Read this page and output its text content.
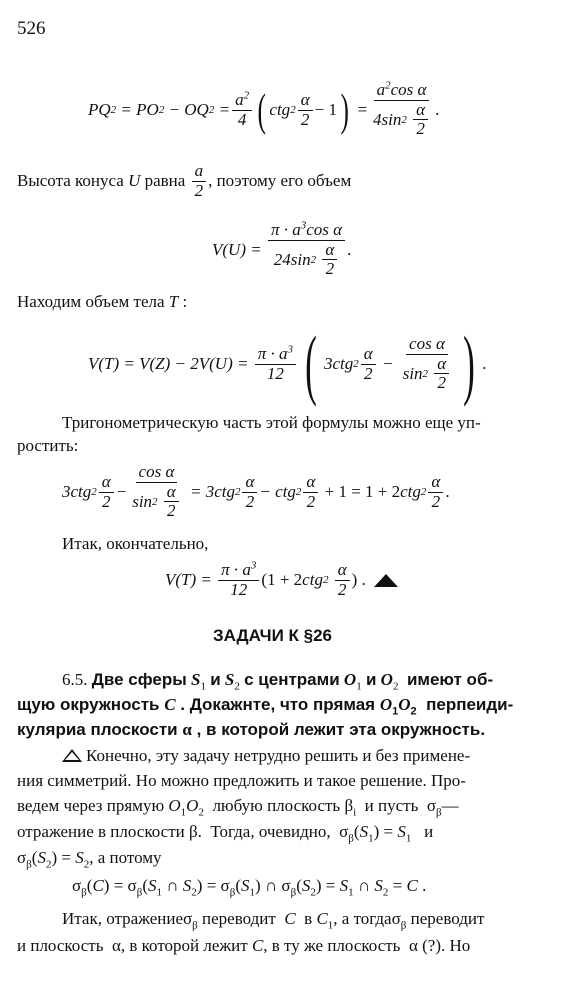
526
PQ 2 = PO 2 − OQ $2 = \frac{a^2}{4}$ ( ctg $2 \frac{\alpha}{2} - 1$ ) = $a^2\cos$ α
4sin 2
$\frac{\alpha}{2}$ .
Высота конуса U равна $\frac{a}{2}$ , поэтому его объем
$V(U) = \pi \cdot a^3\cos$ α
24sin 2
$\frac{\alpha}{2}$ .
Находим объем тела T :
$V(T) = V(Z) - 2V(U) = \frac{\pi \cdot a^3}{12}$ ( 3ctg $2 \frac{\alpha}{2} - \cos \alpha$
sin 2
$\frac{\alpha}{2}$ ) .
Тригонометрическую часть этой формулы можно еще уп-
ростить:
3ctg $2 \frac{\alpha}{2} - \cos \alpha$
sin 2
$\frac{\alpha}{2} = 3ctg$ $2 \frac{\alpha}{2}$ − ctg $2 \frac{\alpha}{2} + 1 = 1 + 2$ ctg $2 \frac{\alpha}{2}$ .
Итак, окончательно,
$V(T) = \frac{\pi \cdot a^3}{12} (1 + 2$ ctg 2
$\frac{\alpha}{2}$ ) .

ЗАДАЧИ К §26
6.5. Две сферы $S_1$ и $S_2$ с центрами $O_1$ и $O_2$ имеют об-
щую окружность C . Докажнте, что прямая $O_1O_2$ перпеиди-
куляриа плоскости α , в которой лежит эта окружность.
Конечно, эту задачу нетрудно решить и без примене-
ния симметрий. Но можно предложить и такое решение. Про-
ведем через прямую $O_1O_2$ любую плоскость $\beta_i$ и пусть  $\sigma_\beta—$
отражение в плоскости β.  Тогда, очевидно,  $\sigma_\beta(S_1) = S_1$ и
$\sigma_\beta(S_2) = S_2$, а потому
$\sigma_\beta(C) = \sigma_\beta(S_1$ ∩ $S_2) = \sigma_\beta(S_1)$ ∩ $\sigma_\beta(S_2) = S_1$ ∩ $S_2 = C$ .
Итак, отражениеσ$_\beta$ переводит C в $C_1$, а тогдаσ$_\beta$ переводит
и плоскость  α, в которой лежит C, в ту же плоскость  α (?). Но
